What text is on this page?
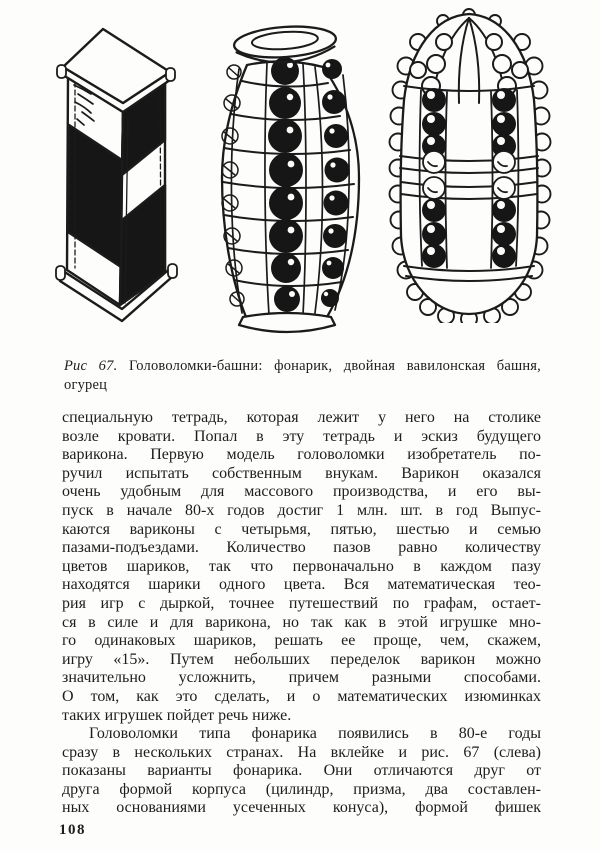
Рис 67. Головоломки-башни: фонарик, двойная вавилонская башня,
огурец
специальную тетрадь, которая лежит у него на столике
возле кровати. Попал в эту тетрадь и эскиз будущего
варикона. Первую модель головоломки изобретатель по-
ручил испытать собственным внукам. Варикон оказался
очень удобным для массового производства, и его вы-
пуск в начале 80-х годов достиг 1 млн. шт. в год Выпус-
каются вариконы с четырьмя, пятью, шестью и семью
пазами-подъездами. Количество пазов равно количеству
цветов шариков, так что первоначально в каждом пазу
находятся шарики одного цвета. Вся математическая тео-
рия игр с дыркой, точнее путешествий по графам, остает-
ся в силе и для варикона, но так как в этой игрушке мно-
го одинаковых шариков, решать ее проще, чем, скажем,
игру «15». Путем небольших переделок варикон можно
значительно усложнить, причем разными способами.
О том, как это сделать, и о математических изюминках
таких игрушек пойдет речь ниже.
Головоломки типа фонарика появились в 80-е годы
сразу в нескольких странах. На вклейке и рис. 67 (слева)
показаны варианты фонарика. Они отличаются друг от
друга формой корпуса (цилиндр, призма, два составлен-
ных основаниями усеченных конуса), формой фишек
108
